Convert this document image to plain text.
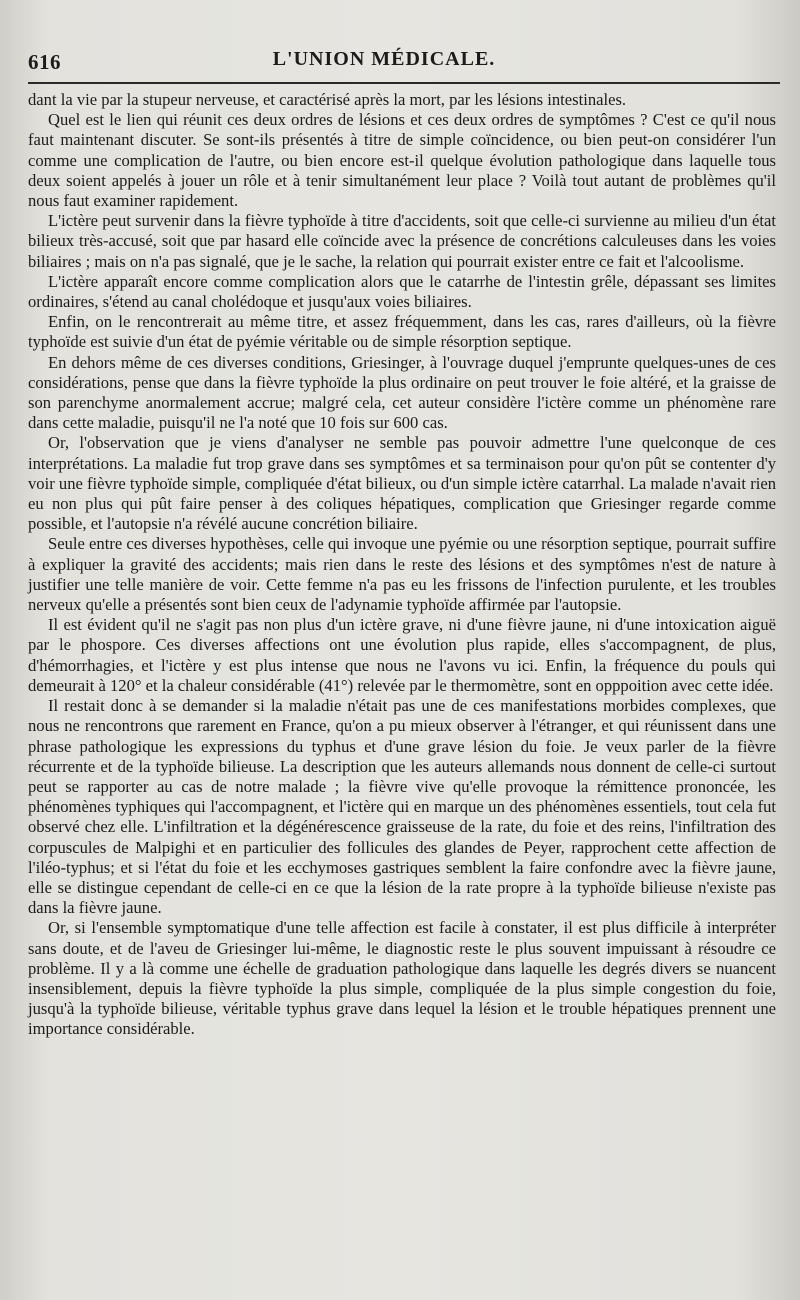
616	L'UNION MÉDICALE.

dant la vie par la stupeur nerveuse, et caractérisé après la mort, par les lésions intestinales.

Quel est le lien qui réunit ces deux ordres de lésions et ces deux ordres de symptômes ? C'est ce qu'il nous faut maintenant discuter. Se sont-ils présentés à titre de simple coïncidence, ou bien peut-on considérer l'un comme une complication de l'autre, ou bien encore est-il quelque évolution pathologique dans laquelle tous deux soient appelés à jouer un rôle et à tenir simultanément leur place ? Voilà tout autant de problèmes qu'il nous faut examiner rapidement.

L'ictère peut survenir dans la fièvre typhoïde à titre d'accidents, soit que celle-ci survienne au milieu d'un état bilieux très-accusé, soit que par hasard elle coïncide avec la présence de concrétions calculeuses dans les voies biliaires ; mais on n'a pas signalé, que je le sache, la relation qui pourrait exister entre ce fait et l'alcoolisme.

L'ictère apparaît encore comme complication alors que le catarrhe de l'intestin grêle, dépassant ses limites ordinaires, s'étend au canal cholédoque et jusqu'aux voies biliaires.

Enfin, on le rencontrerait au même titre, et assez fréquemment, dans les cas, rares d'ailleurs, où la fièvre typhoïde est suivie d'un état de pyémie véritable ou de simple résorption septique.

En dehors même de ces diverses conditions, Griesinger, à l'ouvrage duquel j'emprunte quelques-unes de ces considérations, pense que dans la fièvre typhoïde la plus ordinaire on peut trouver le foie altéré, et la graisse de son parenchyme anormalement accrue; malgré cela, cet auteur considère l'ictère comme un phénomène rare dans cette maladie, puisqu'il ne l'a noté que 10 fois sur 600 cas.

Or, l'observation que je viens d'analyser ne semble pas pouvoir admettre l'une quelconque de ces interprétations. La maladie fut trop grave dans ses symptômes et sa terminaison pour qu'on pût se contenter d'y voir une fièvre typhoïde simple, compliquée d'état bilieux, ou d'un simple ictère catarrhal. La malade n'avait rien eu non plus qui pût faire penser à des coliques hépatiques, complication que Griesinger regarde comme possible, et l'autopsie n'a révélé aucune concrétion biliaire.

Seule entre ces diverses hypothèses, celle qui invoque une pyémie ou une résorption septique, pourrait suffire à expliquer la gravité des accidents; mais rien dans le reste des lésions et des symptômes n'est de nature à justifier une telle manière de voir. Cette femme n'a pas eu les frissons de l'infection purulente, et les troubles nerveux qu'elle a présentés sont bien ceux de l'adynamie typhoïde affirmée par l'autopsie.

Il est évident qu'il ne s'agit pas non plus d'un ictère grave, ni d'une fièvre jaune, ni d'une intoxication aiguë par le phospore. Ces diverses affections ont une évolution plus rapide, elles s'accompagnent, de plus, d'hémorrhagies, et l'ictère y est plus intense que nous ne l'avons vu ici. Enfin, la fréquence du pouls qui demeurait à 120° et la chaleur considérable (41°) relevée par le thermomètre, sont en opppoition avec cette idée.

Il restait donc à se demander si la maladie n'était pas une de ces manifestations morbides complexes, que nous ne rencontrons que rarement en France, qu'on a pu mieux observer à l'étranger, et qui réunissent dans une phrase pathologique les expressions du typhus et d'une grave lésion du foie. Je veux parler de la fièvre récurrente et de la typhoïde bilieuse. La description que les auteurs allemands nous donnent de celle-ci surtout peut se rapporter au cas de notre malade ; la fièvre vive qu'elle provoque la rémittence prononcée, les phénomènes typhiques qui l'accompagnent, et l'ictère qui en marque un des phénomènes essentiels, tout cela fut observé chez elle. L'infiltration et la dégénérescence graisseuse de la rate, du foie et des reins, l'infiltration des corpuscules de Malpighi et en particulier des follicules des glandes de Peyer, rapprochent cette affection de l'iléo-typhus; et si l'état du foie et les ecchymoses gastriques semblent la faire confondre avec la fièvre jaune, elle se distingue cependant de celle-ci en ce que la lésion de la rate propre à la typhoïde bilieuse n'existe pas dans la fièvre jaune.

Or, si l'ensemble symptomatique d'une telle affection est facile à constater, il est plus difficile à interpréter sans doute, et de l'aveu de Griesinger lui-même, le diagnostic reste le plus souvent impuissant à résoudre ce problème. Il y a là comme une échelle de graduation pathologique dans laquelle les degrés divers se nuancent insensiblement, depuis la fièvre typhoïde la plus simple, compliquée de la plus simple congestion du foie, jusqu'à la typhoïde bilieuse, véritable typhus grave dans lequel la lésion et le trouble hépatiques prennent une importance considérable.
